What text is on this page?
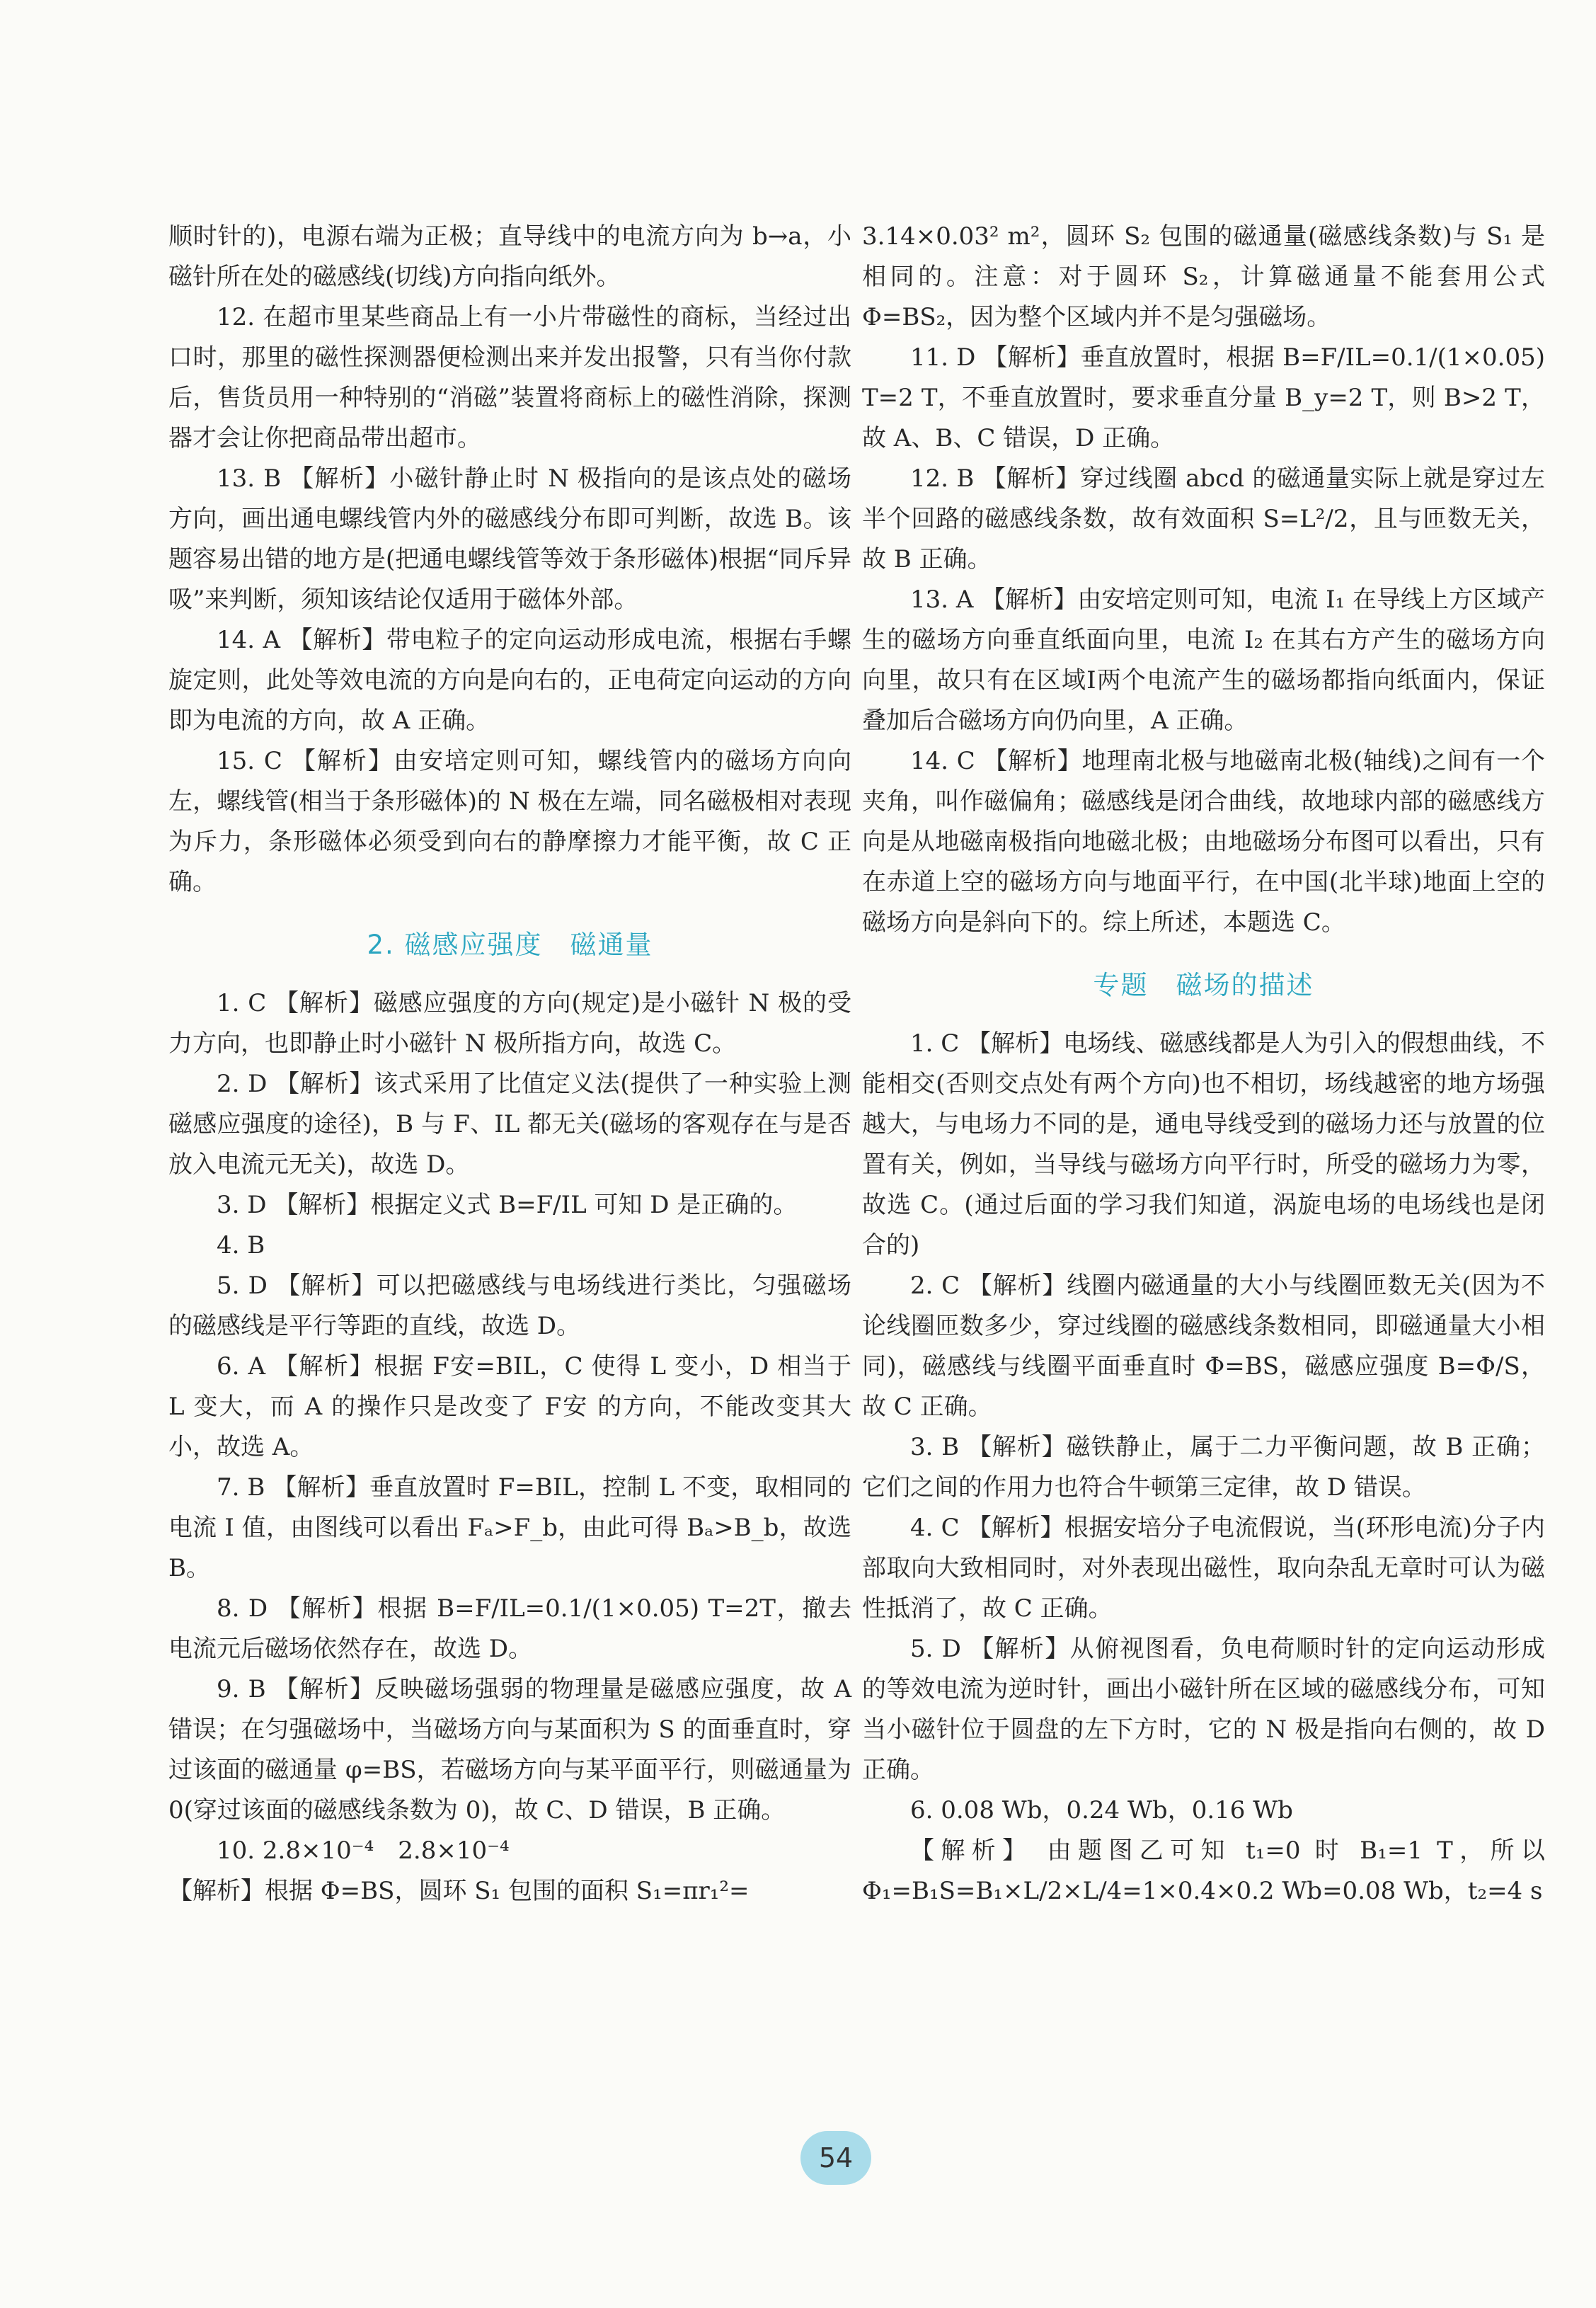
顺时针的)，电源右端为正极；直导线中的电流方向为 b→a，小磁针所在处的磁感线(切线)方向指向纸外。

12. 在超市里某些商品上有一小片带磁性的商标，当经过出口时，那里的磁性探测器便检测出来并发出报警，只有当你付款后，售货员用一种特别的“消磁”装置将商标上的磁性消除，探测器才会让你把商品带出超市。

13. B 【解析】小磁针静止时 N 极指向的是该点处的磁场方向，画出通电螺线管内外的磁感线分布即可判断，故选 B。该题容易出错的地方是(把通电螺线管等效于条形磁体)根据“同斥异吸”来判断，须知该结论仅适用于磁体外部。

14. A 【解析】带电粒子的定向运动形成电流，根据右手螺旋定则，此处等效电流的方向是向右的，正电荷定向运动的方向即为电流的方向，故 A 正确。

15. C 【解析】由安培定则可知，螺线管内的磁场方向向左，螺线管(相当于条形磁体)的 N 极在左端，同名磁极相对表现为斥力，条形磁体必须受到向右的静摩擦力才能平衡，故 C 正确。

2. 磁感应强度　磁通量

1. C 【解析】磁感应强度的方向(规定)是小磁针 N 极的受力方向，也即静止时小磁针 N 极所指方向，故选 C。

2. D 【解析】该式采用了比值定义法(提供了一种实验上测磁感应强度的途径)，B 与 F、IL 都无关(磁场的客观存在与是否放入电流元无关)，故选 D。

3. D 【解析】根据定义式 B=F/IL 可知 D 是正确的。

4. B

5. D 【解析】可以把磁感线与电场线进行类比，匀强磁场的磁感线是平行等距的直线，故选 D。

6. A 【解析】根据 F安=BIL，C 使得 L 变小，D 相当于 L 变大，而 A 的操作只是改变了 F安 的方向，不能改变其大小，故选 A。

7. B 【解析】垂直放置时 F=BIL，控制 L 不变，取相同的电流 I 值，由图线可以看出 Fₐ>F_b，由此可得 Bₐ>B_b，故选 B。

8. D 【解析】根据 B=F/IL=0.1/(1×0.05) T=2T，撤去电流元后磁场依然存在，故选 D。

9. B 【解析】反映磁场强弱的物理量是磁感应强度，故 A 错误；在匀强磁场中，当磁场方向与某面积为 S 的面垂直时，穿过该面的磁通量 φ=BS，若磁场方向与某平面平行，则磁通量为 0(穿过该面的磁感线条数为 0)，故 C、D 错误，B 正确。

10. 2.8×10⁻⁴　2.8×10⁻⁴

【解析】根据 Φ=BS，圆环 S₁ 包围的面积 S₁=πr₁²=

3.14×0.03² m²，圆环 S₂ 包围的磁通量(磁感线条数)与 S₁ 是相同的。注意：对于圆环 S₂，计算磁通量不能套用公式 Φ=BS₂，因为整个区域内并不是匀强磁场。

11. D 【解析】垂直放置时，根据 B=F/IL=0.1/(1×0.05) T=2 T，不垂直放置时，要求垂直分量 B_y=2 T，则 B>2 T，故 A、B、C 错误，D 正确。

12. B 【解析】穿过线圈 abcd 的磁通量实际上就是穿过左半个回路的磁感线条数，故有效面积 S=L²/2，且与匝数无关，故 B 正确。

13. A 【解析】由安培定则可知，电流 I₁ 在导线上方区域产生的磁场方向垂直纸面向里，电流 I₂ 在其右方产生的磁场方向向里，故只有在区域Ⅰ两个电流产生的磁场都指向纸面内，保证叠加后合磁场方向仍向里，A 正确。

14. C 【解析】地理南北极与地磁南北极(轴线)之间有一个夹角，叫作磁偏角；磁感线是闭合曲线，故地球内部的磁感线方向是从地磁南极指向地磁北极；由地磁场分布图可以看出，只有在赤道上空的磁场方向与地面平行，在中国(北半球)地面上空的磁场方向是斜向下的。综上所述，本题选 C。

专题　磁场的描述

1. C 【解析】电场线、磁感线都是人为引入的假想曲线，不能相交(否则交点处有两个方向)也不相切，场线越密的地方场强越大，与电场力不同的是，通电导线受到的磁场力还与放置的位置有关，例如，当导线与磁场方向平行时，所受的磁场力为零，故选 C。(通过后面的学习我们知道，涡旋电场的电场线也是闭合的)

2. C 【解析】线圈内磁通量的大小与线圈匝数无关(因为不论线圈匝数多少，穿过线圈的磁感线条数相同，即磁通量大小相同)，磁感线与线圈平面垂直时 Φ=BS，磁感应强度 B=Φ/S，故 C 正确。

3. B 【解析】磁铁静止，属于二力平衡问题，故 B 正确；它们之间的作用力也符合牛顿第三定律，故 D 错误。

4. C 【解析】根据安培分子电流假说，当(环形电流)分子内部取向大致相同时，对外表现出磁性，取向杂乱无章时可认为磁性抵消了，故 C 正确。

5. D 【解析】从俯视图看，负电荷顺时针的定向运动形成的等效电流为逆时针，画出小磁针所在区域的磁感线分布，可知当小磁针位于圆盘的左下方时，它的 N 极是指向右侧的，故 D 正确。

6. 0.08 Wb，0.24 Wb，0.16 Wb

【解析】 由题图乙可知 t₁=0 时 B₁=1 T，所以 Φ₁=B₁S=B₁×L/2×L/4=1×0.4×0.2 Wb=0.08 Wb，t₂=4 s

54
